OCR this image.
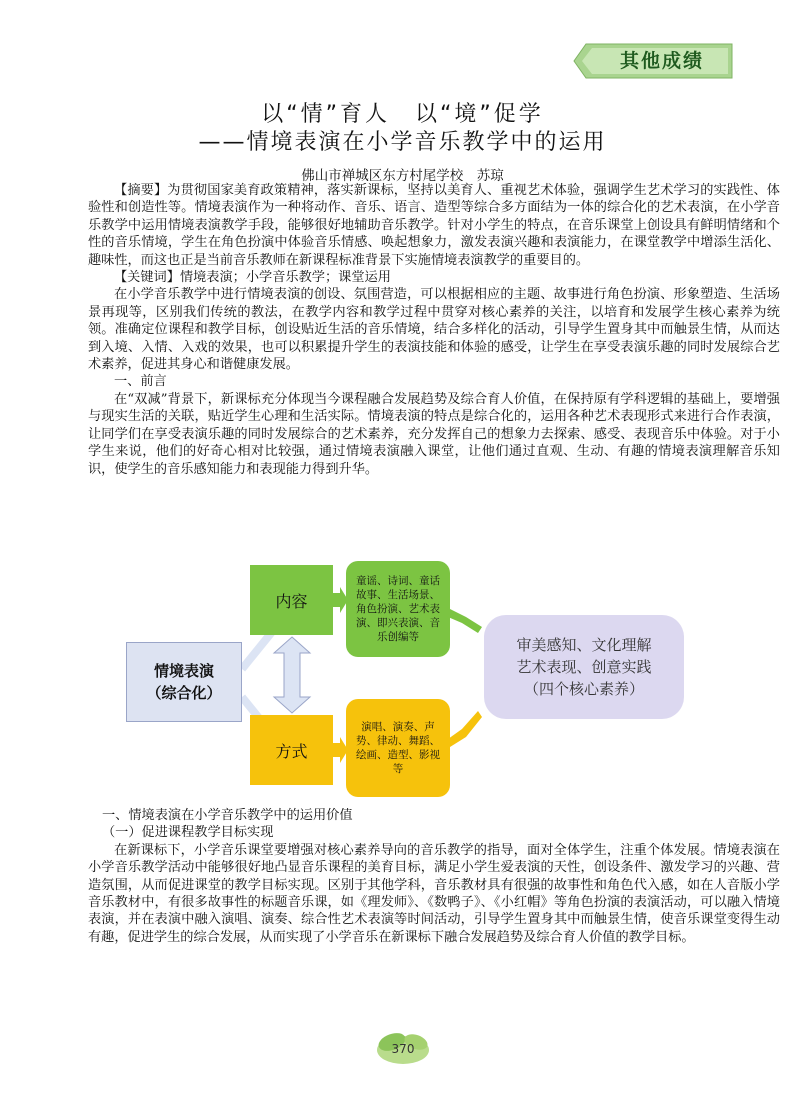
其他成绩
以“情”育人　以“境”促学
——情境表演在小学音乐教学中的运用
佛山市禅城区东方村尾学校　苏琼

【摘要】为贯彻国家美育政策精神，落实新课标，坚持以美育人、重视艺术体验，强调学生艺术学习的实践性、体验性和创造性等。情境表演作为一种将动作、音乐、语言、造型等综合多方面结为一体的综合化的艺术表演，在小学音乐教学中运用情境表演教学手段，能够很好地辅助音乐教学。针对小学生的特点，在音乐课堂上创设具有鲜明情绪和个性的音乐情境，学生在角色扮演中体验音乐情感、唤起想象力，激发表演兴趣和表演能力，在课堂教学中增添生活化、趣味性，而这也正是当前音乐教师在新课程标准背景下实施情境表演教学的重要目的。

【关键词】情境表演；小学音乐教学；课堂运用

在小学音乐教学中进行情境表演的创设、氛围营造，可以根据相应的主题、故事进行角色扮演、形象塑造、生活场景再现等，区别我们传统的教法，在教学内容和教学过程中贯穿对核心素养的关注，以培育和发展学生核心素养为统领。准确定位课程和教学目标，创设贴近生活的音乐情境，结合多样化的活动，引导学生置身其中而触景生情，从而达到入境、入情、入戏的效果，也可以积累提升学生的表演技能和体验的感受，让学生在享受表演乐趣的同时发展综合艺术素养，促进其身心和谐健康发展。

一、前言

在“双减”背景下，新课标充分体现当今课程融合发展趋势及综合育人价值，在保持原有学科逻辑的基础上，要增强与现实生活的关联，贴近学生心理和生活实际。情境表演的特点是综合化的，运用各种艺术表现形式来进行合作表演，让同学们在享受表演乐趣的同时发展综合的艺术素养，充分发挥自己的想象力去探索、感受、表现音乐中体验。对于小学生来说，他们的好奇心相对比较强，通过情境表演融入课堂，让他们通过直观、生动、有趣的情境表演理解音乐知识，使学生的音乐感知能力和表现能力得到升华。

情境表演
（综合化）
内容
方式
童谣、诗词、童话故事、生活场景、角色扮演、艺术表演、即兴表演、音乐创编等
演唱、演奏、声势、律动、舞蹈、绘画、造型、影视等
审美感知、文化理解
艺术表现、创意实践
（四个核心素养）

一、情境表演在小学音乐教学中的运用价值

（一）促进课程教学目标实现

在新课标下，小学音乐课堂要增强对核心素养导向的音乐教学的指导，面对全体学生，注重个体发展。情境表演在小学音乐教学活动中能够很好地凸显音乐课程的美育目标，满足小学生爱表演的天性，创设条件、激发学习的兴趣、营造氛围，从而促进课堂的教学目标实现。区别于其他学科，音乐教材具有很强的故事性和角色代入感，如在人音版小学音乐教材中，有很多故事性的标题音乐课，如《理发师》、《数鸭子》、《小红帽》等角色扮演的表演活动，可以融入情境表演，并在表演中融入演唱、演奏、综合性艺术表演等时间活动，引导学生置身其中而触景生情，使音乐课堂变得生动有趣，促进学生的综合发展，从而实现了小学音乐在新课标下融合发展趋势及综合育人价值的教学目标。

370
